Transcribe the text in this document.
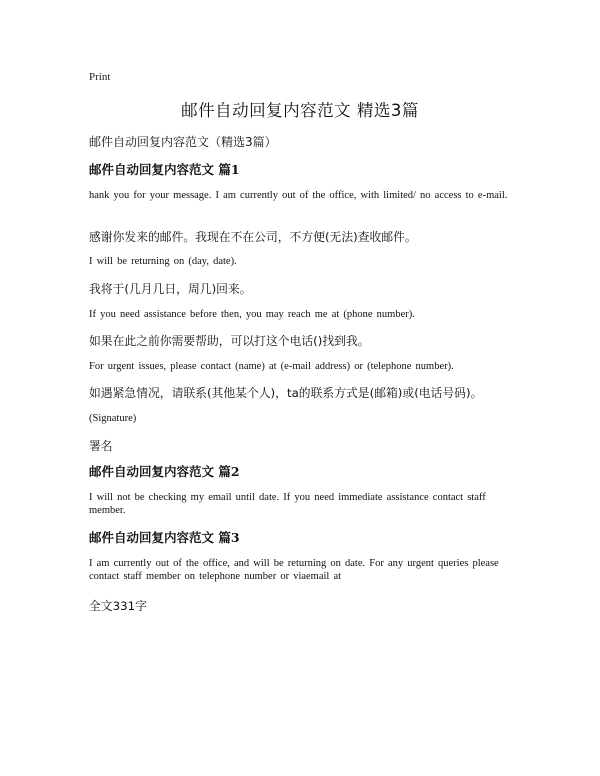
Print
邮件自动回复内容范文 精选3篇

邮件自动回复内容范文（精选3篇）

邮件自动回复内容范文 篇1

hank you for your message. I am currently out of the office, with limited/ no access to e-mail.

感谢你发来的邮件。我现在不在公司，不方便(无法)查收邮件。

I will be returning on (day, date).

我将于(几月几日，周几)回来。

If you need assistance before then, you may reach me at (phone number).

如果在此之前你需要帮助，可以打这个电话()找到我。

For urgent issues, please contact (name) at (e-mail address) or (telephone number).

如遇紧急情况，请联系(其他某个人)，ta的联系方式是(邮箱)或(电话号码)。

(Signature)

署名

邮件自动回复内容范文 篇2

I will not be checking my email until date. If you need immediate assistance contact staff member.

邮件自动回复内容范文 篇3

I am currently out of the office, and will be returning on date. For any urgent queries please contact staff member on telephone number or viaemail at

全文331字
